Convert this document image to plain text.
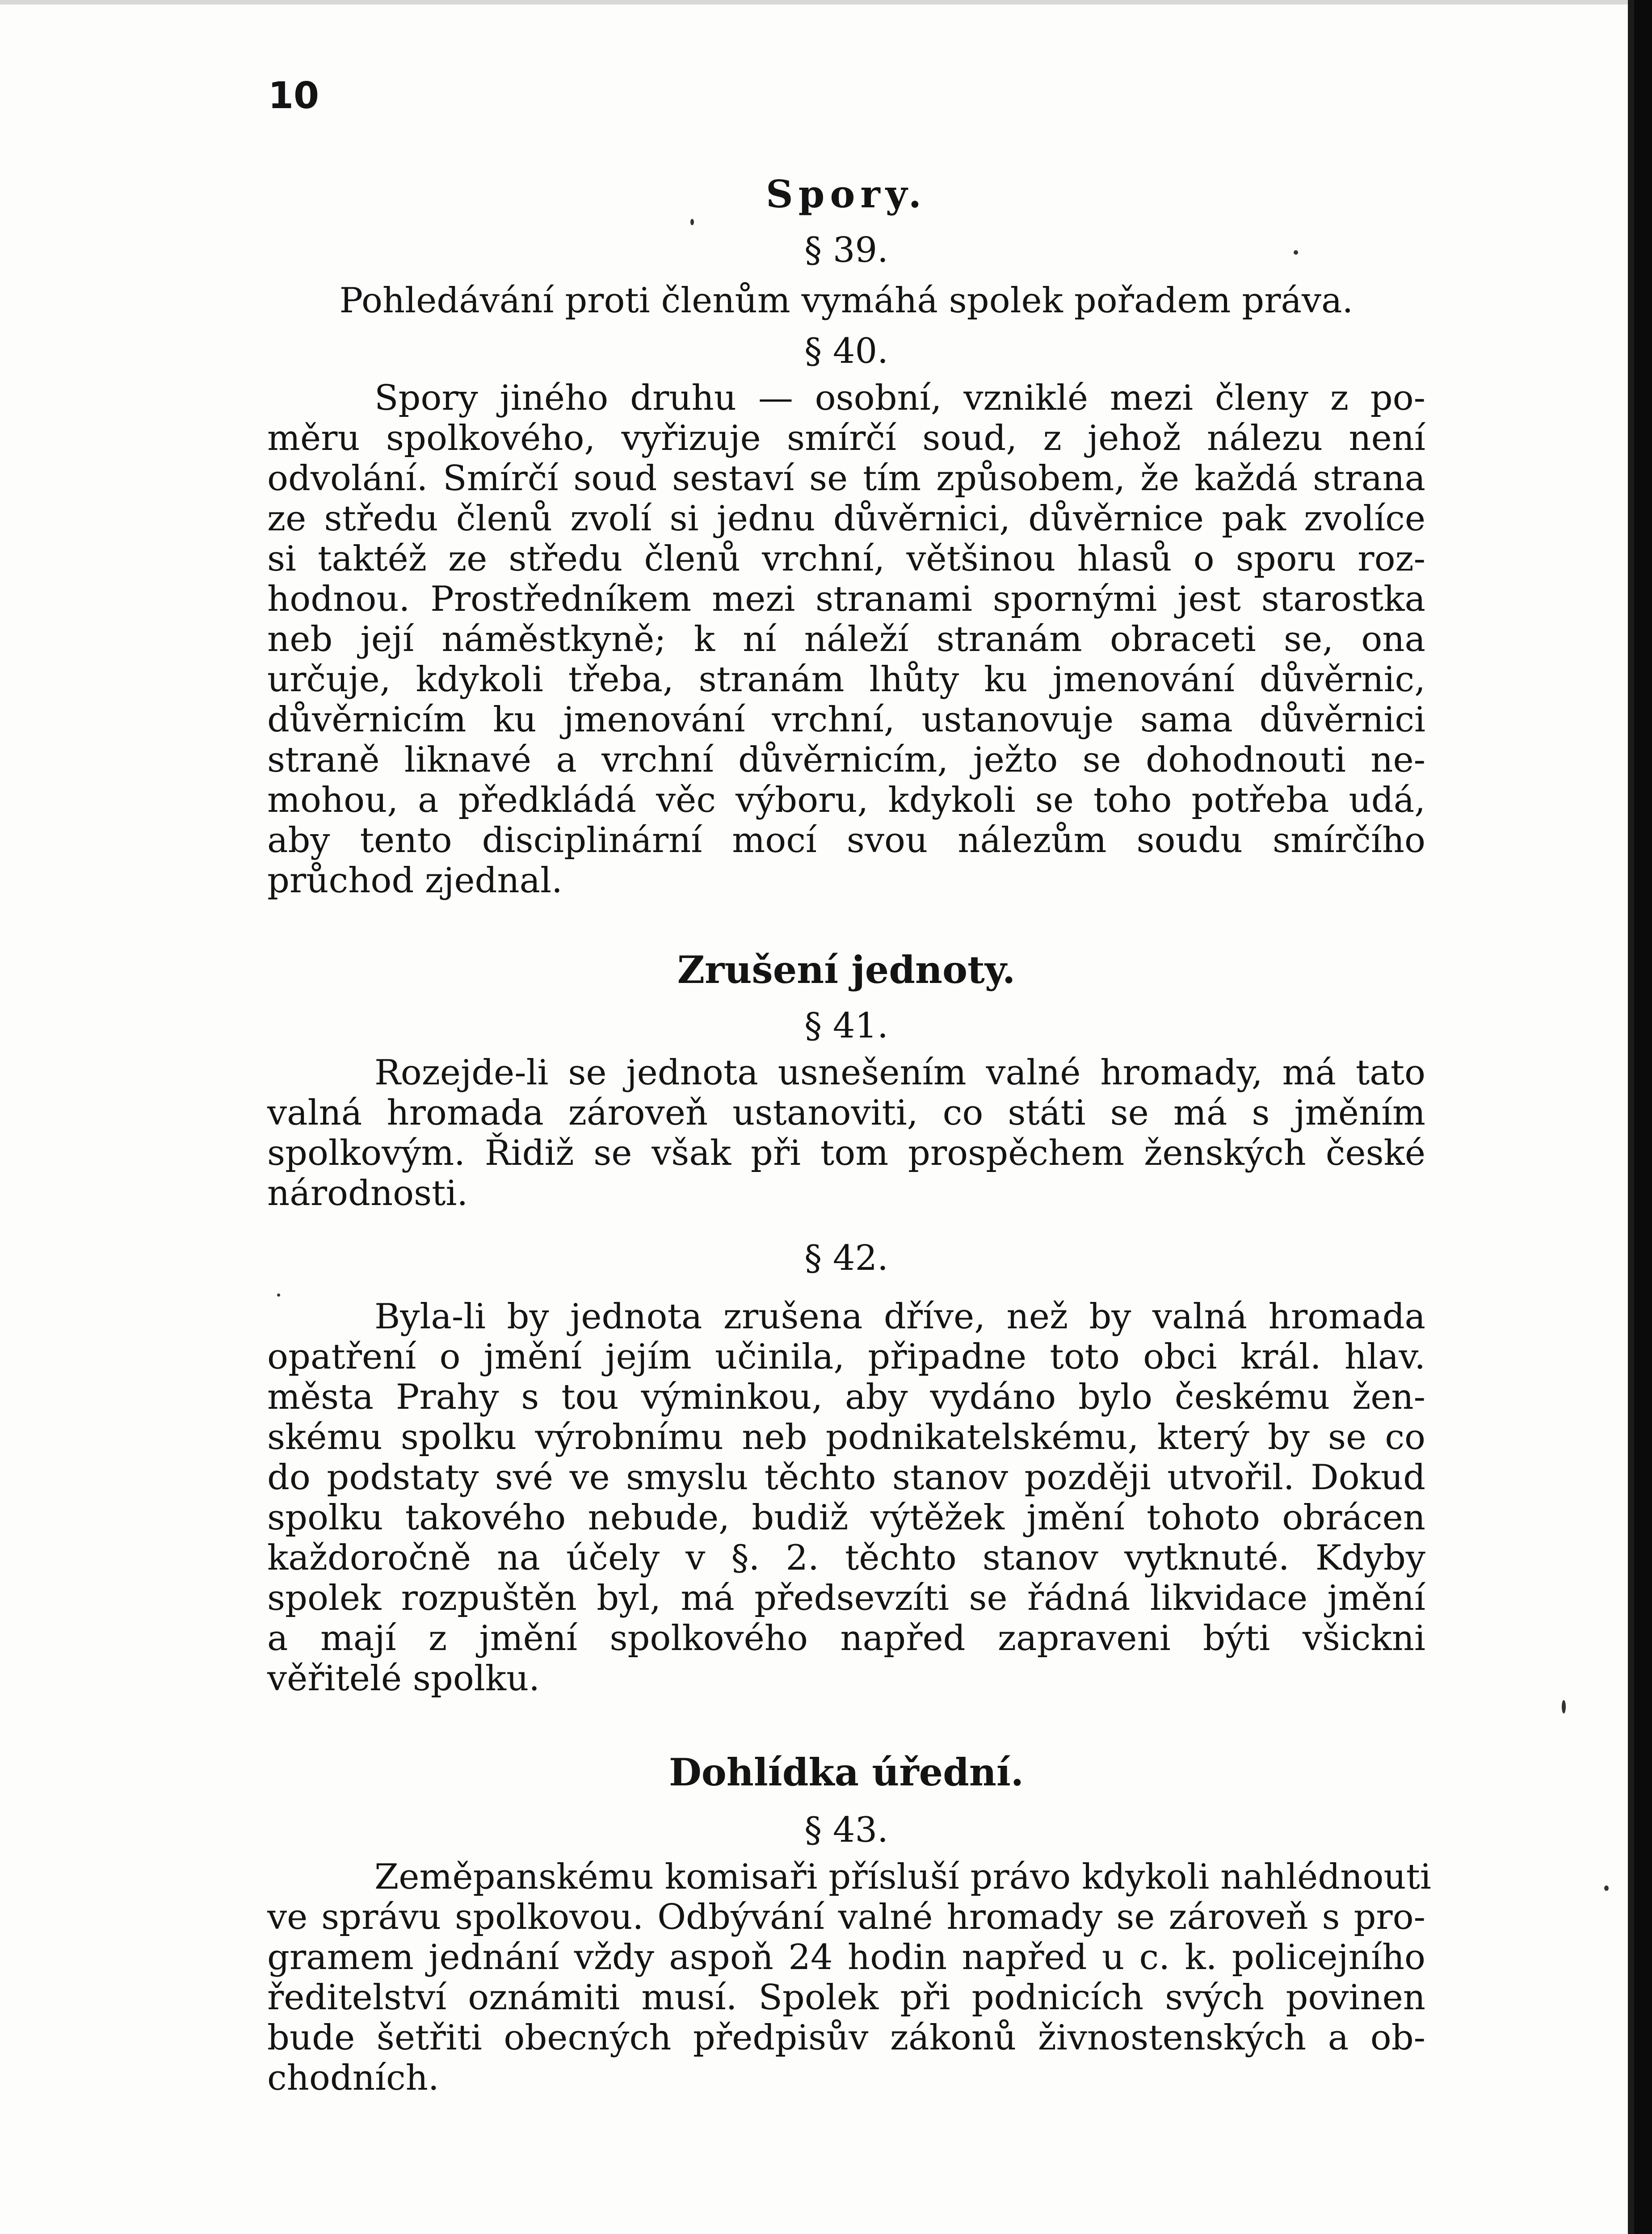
10
Spory.

§ 39.

Pohledávání proti členům vymáhá spolek pořadem práva.

§ 40.

Spory jiného druhu — osobní, vzniklé mezi členy z po-
měru spolkového, vyřizuje smírčí soud, z jehož nálezu není
odvolání. Smírčí soud sestaví se tím způsobem, že každá strana
ze středu členů zvolí si jednu důvěrnici, důvěrnice pak zvolíce
si taktéž ze středu členů vrchní, většinou hlasů o sporu roz-
hodnou. Prostředníkem mezi stranami spornými jest starostka
neb její náměstkyně; k ní náleží stranám obraceti se, ona
určuje, kdykoli třeba, stranám lhůty ku jmenování důvěrnic,
důvěrnicím ku jmenování vrchní, ustanovuje sama důvěrnici
straně liknavé a vrchní důvěrnicím, ježto se dohodnouti ne-
mohou, a předkládá věc výboru, kdykoli se toho potřeba udá,
aby tento disciplinární mocí svou nálezům soudu smírčího
průchod zjednal.
Zrušení jednoty.

§ 41.

Rozejde-li se jednota usnešením valné hromady, má tato
valná hromada zároveň ustanoviti, co státi se má s jměním
spolkovým. Řidiž se však při tom prospěchem ženských české
národnosti.

§ 42.

Byla-li by jednota zrušena dříve, než by valná hromada
opatření o jmění jejím učinila, připadne toto obci král. hlav.
města Prahy s tou výminkou, aby vydáno bylo českému žen-
skému spolku výrobnímu neb podnikatelskému, který by se co
do podstaty své ve smyslu těchto stanov později utvořil. Dokud
spolku takového nebude, budiž výtěžek jmění tohoto obrácen
každoročně na účely v §. 2. těchto stanov vytknuté. Kdyby
spolek rozpuštěn byl, má předsevzíti se řádná likvidace jmění
a mají z jmění spolkového napřed zapraveni býti všickni
věřitelé spolku.
Dohlídka úřední.

§ 43.

Zeměpanskému komisaři přísluší právo kdykoli nahlédnouti
ve správu spolkovou. Odbývání valné hromady se zároveň s pro-
gramem jednání vždy aspoň 24 hodin napřed u c. k. policejního
ředitelství oznámiti musí. Spolek při podnicích svých povinen
bude šetřiti obecných předpisův zákonů živnostenských a ob-
chodních.
